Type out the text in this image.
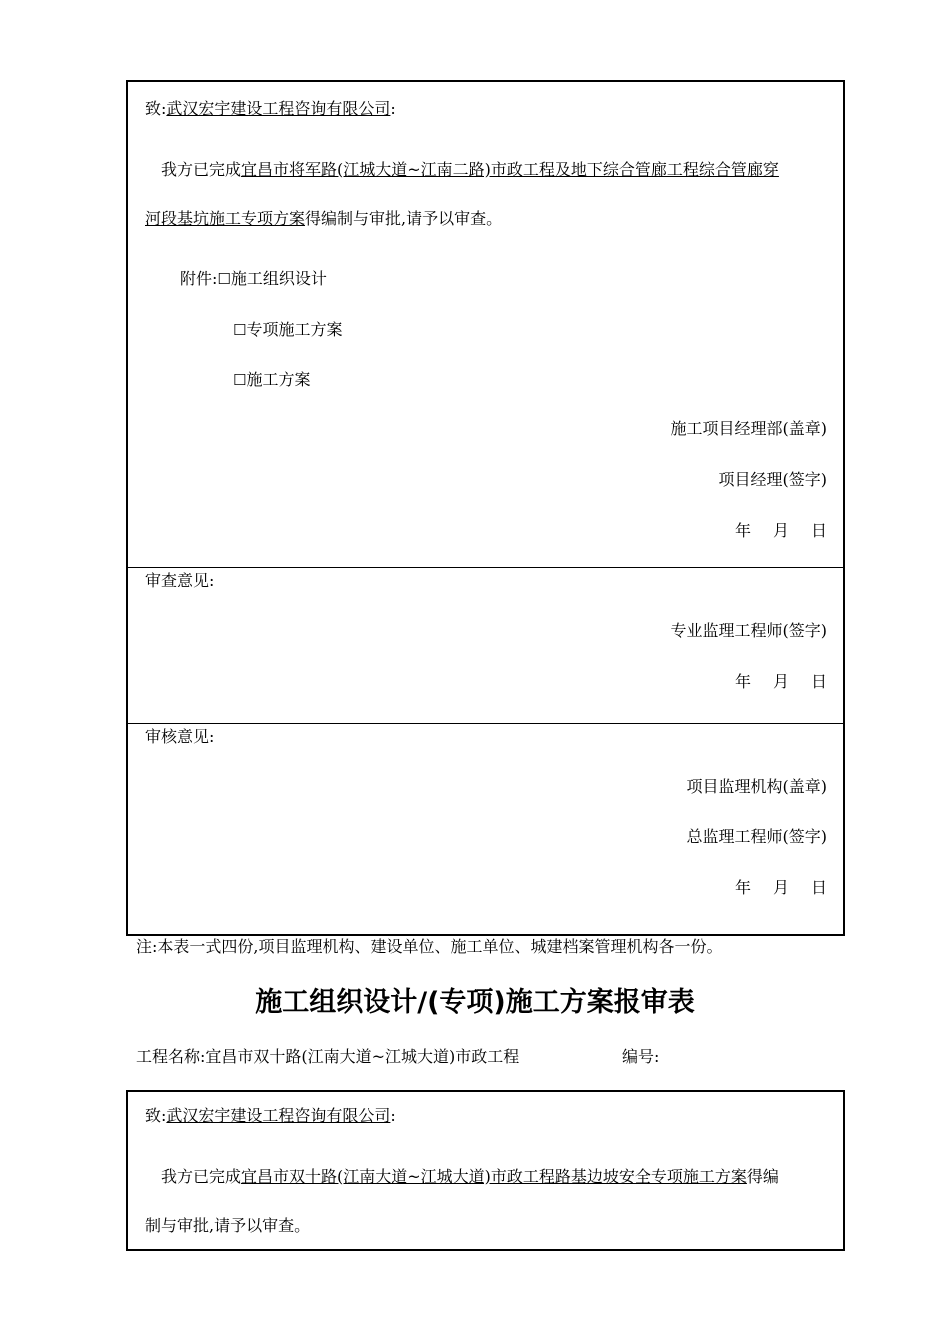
致:武汉宏宇建设工程咨询有限公司:
我方已完成宜昌市将军路(江城大道~江南二路)市政工程及地下综合管廊工程综合管廊穿
河段基坑施工专项方案得编制与审批,请予以审查。
附件:☐施工组织设计
☐专项施工方案
☐施工方案
施工项目经理部(盖章)
项目经理(签字)
年 月 日
审查意见:
专业监理工程师(签字)
年 月 日
审核意见:
项目监理机构(盖章)
总监理工程师(签字)
年 月 日
注:本表一式四份,项目监理机构、建设单位、施工单位、城建档案管理机构各一份。
施工组织设计/(专项)施工方案报审表
工程名称:宜昌市双十路(江南大道~江城大道)市政工程	编号:
致:武汉宏宇建设工程咨询有限公司:
我方已完成宜昌市双十路(江南大道~江城大道)市政工程路基边坡安全专项施工方案得编
制与审批,请予以审查。
